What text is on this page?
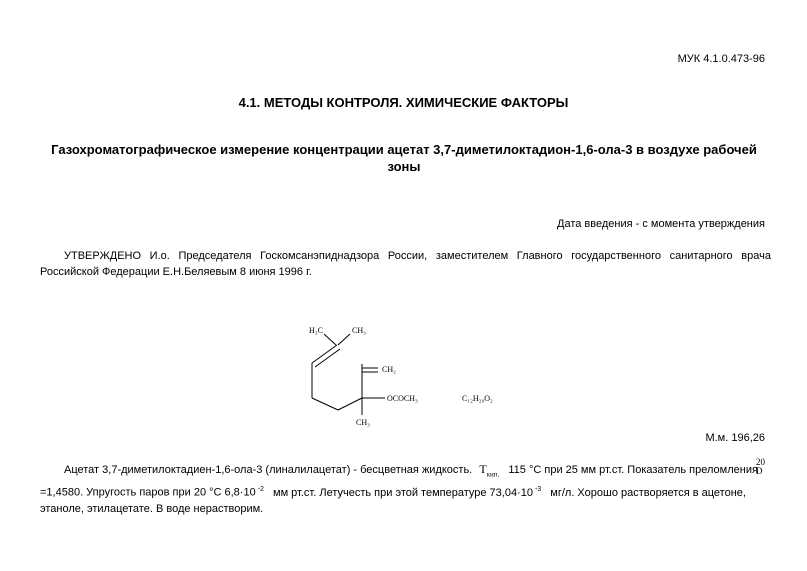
МУК 4.1.0.473-96
4.1. МЕТОДЫ КОНТРОЛЯ. ХИМИЧЕСКИЕ ФАКТОРЫ
Газохроматографическое измерение концентрации ацетат 3,7-диметилоктадион-1,6-ола-3 в воздухе рабочей зоны
Дата введения - с момента утверждения
УТВЕРЖДЕНО И.о. Председателя Госкомсанэпиднадзора России, заместителем Главного государственного санитарного врача Российской Федерации Е.Н.Беляевым 8 июня 1996 г.
H₃C	CH₃
CH₂
OCOCH₃
CH₃
C₁₂H₂₀O₂
М.м. 196,26
Ацетат 3,7-диметилоктадиен-1,6-ола-3 (линалилацетат) - бесцветная жидкость. $T_{кип.}$ 115 °С при 25 мм рт.ст. Показатель преломления
20
D
=1,4580. Упругость паров при 20 °С 6,8·10 $^{-2}$ мм рт.ст. Летучесть при этой температуре 73,04·10 $^{-3}$ мг/л. Хорошо растворяется в ацетоне,
этаноле, этилацетате. В воде нерастворим.
